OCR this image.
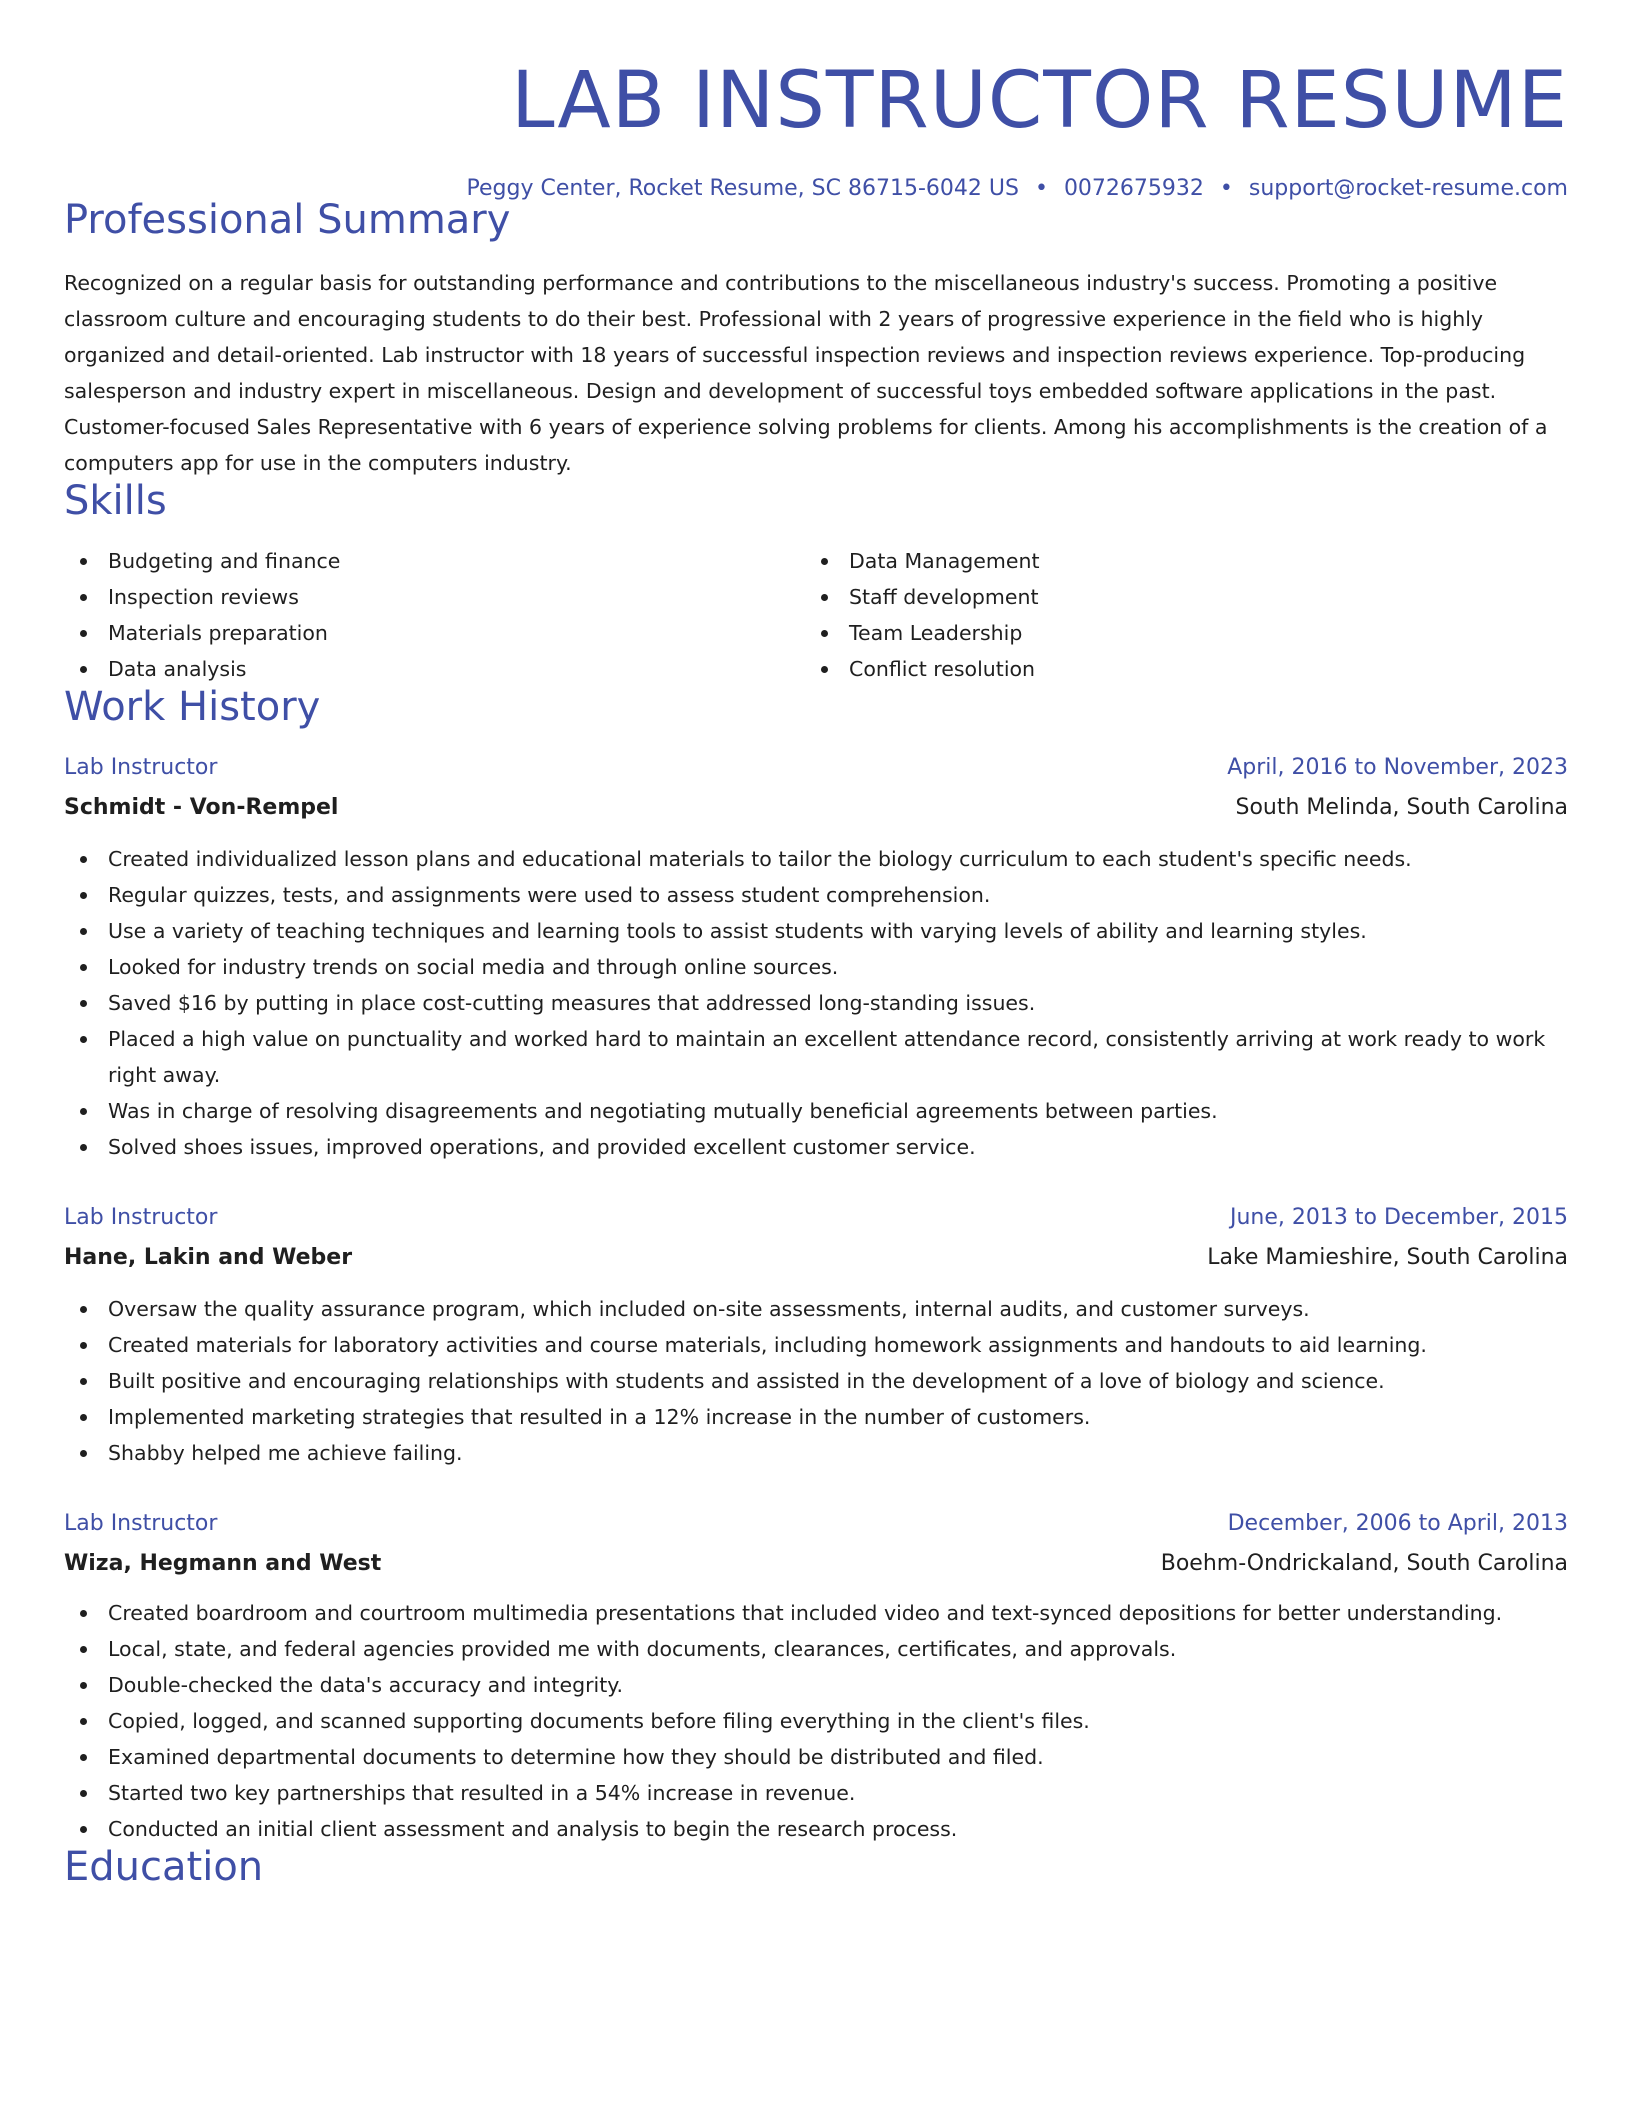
LAB INSTRUCTOR RESUME
Peggy Center, Rocket Resume, SC 86715-6042 US • 0072675932 • support@rocket-resume.com
Professional Summary

Recognized on a regular basis for outstanding performance and contributions to the miscellaneous industry's success. Promoting a positive classroom culture and encouraging students to do their best. Professional with 2 years of progressive experience in the field who is highly organized and detail-oriented. Lab instructor with 18 years of successful inspection reviews and inspection reviews experience. Top-producing salesperson and industry expert in miscellaneous. Design and development of successful toys embedded software applications in the past. Customer-focused Sales Representative with 6 years of experience solving problems for clients. Among his accomplishments is the creation of a computers app for use in the computers industry.

Skills
Budgeting and finance
Inspection reviews
Materials preparation
Data analysis
Data Management
Staff development
Team Leadership
Conflict resolution
Work History
Lab Instructor	April, 2016 to November, 2023
Schmidt - Von-Rempel	South Melinda, South Carolina
Created individualized lesson plans and educational materials to tailor the biology curriculum to each student's specific needs.
Regular quizzes, tests, and assignments were used to assess student comprehension.
Use a variety of teaching techniques and learning tools to assist students with varying levels of ability and learning styles.
Looked for industry trends on social media and through online sources.
Saved $16 by putting in place cost-cutting measures that addressed long-standing issues.
Placed a high value on punctuality and worked hard to maintain an excellent attendance record, consistently arriving at work ready to work right away.
Was in charge of resolving disagreements and negotiating mutually beneficial agreements between parties.
Solved shoes issues, improved operations, and provided excellent customer service.
Lab Instructor	June, 2013 to December, 2015
Hane, Lakin and Weber	Lake Mamieshire, South Carolina
Oversaw the quality assurance program, which included on-site assessments, internal audits, and customer surveys.
Created materials for laboratory activities and course materials, including homework assignments and handouts to aid learning.
Built positive and encouraging relationships with students and assisted in the development of a love of biology and science.
Implemented marketing strategies that resulted in a 12% increase in the number of customers.
Shabby helped me achieve failing.
Lab Instructor	December, 2006 to April, 2013
Wiza, Hegmann and West	Boehm-Ondrickaland, South Carolina
Created boardroom and courtroom multimedia presentations that included video and text-synced depositions for better understanding.
Local, state, and federal agencies provided me with documents, clearances, certificates, and approvals.
Double-checked the data's accuracy and integrity.
Copied, logged, and scanned supporting documents before filing everything in the client's files.
Examined departmental documents to determine how they should be distributed and filed.
Started two key partnerships that resulted in a 54% increase in revenue.
Conducted an initial client assessment and analysis to begin the research process.
Education
